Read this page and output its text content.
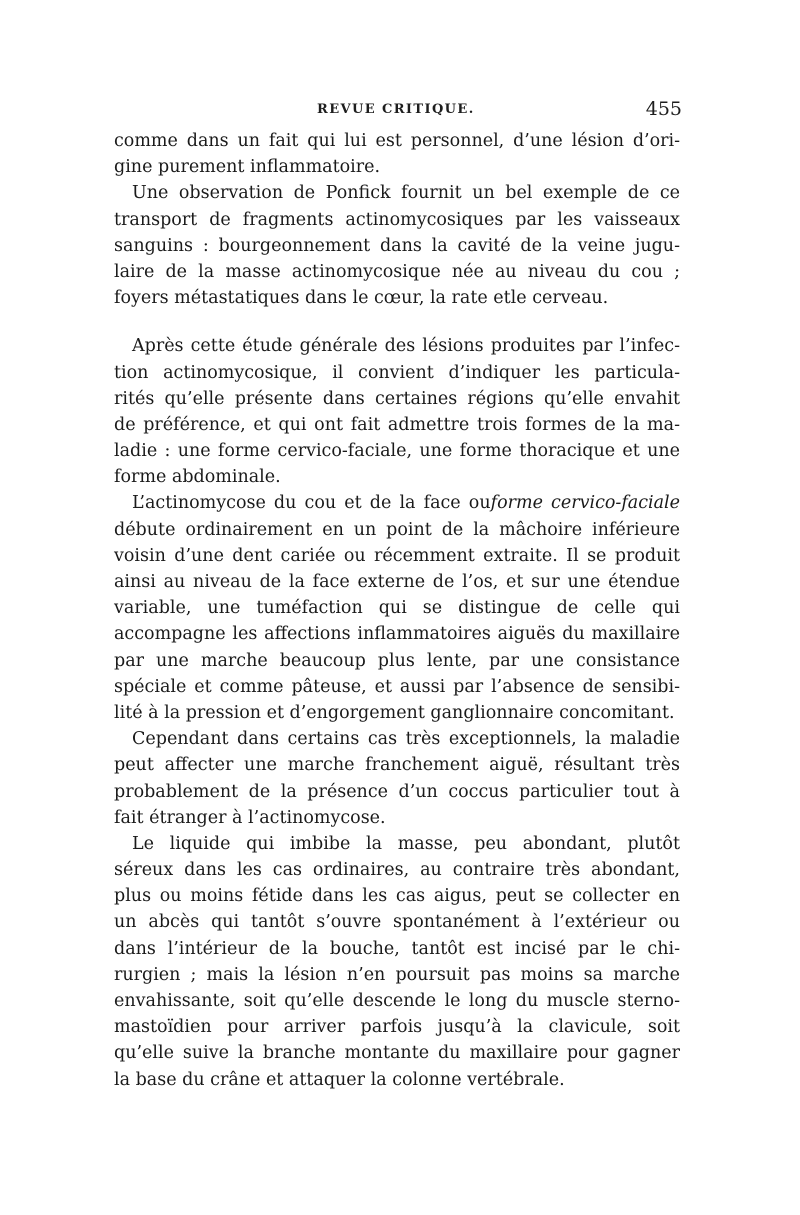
REVUE CRITIQUE.	455
comme dans un fait qui lui est personnel, d’une lésion d’ori-
gine purement inflammatoire.
Une observation de Ponfick fournit un bel exemple de ce
transport de fragments actinomycosiques par les vaisseaux
sanguins : bourgeonnement dans la cavité de la veine jugu-
laire de la masse actinomycosique née au niveau du cou ;
foyers métastatiques dans le cœur, la rate etle cerveau.
Après cette étude générale des lésions produites par l’infec-
tion actinomycosique, il convient d’indiquer les particula-
rités qu’elle présente dans certaines régions qu’elle envahit
de préférence, et qui ont fait admettre trois formes de la ma-
ladie : une forme cervico-faciale, une forme thoracique et une
forme abdominale.
L’actinomycose du cou et de la face ouforme cervico-faciale
débute ordinairement en un point de la mâchoire inférieure
voisin d’une dent cariée ou récemment extraite. Il se produit
ainsi au niveau de la face externe de l’os, et sur une étendue
variable, une tuméfaction qui se distingue de celle qui
accompagne les affections inflammatoires aiguës du maxillaire
par une marche beaucoup plus lente, par une consistance
spéciale et comme pâteuse, et aussi par l’absence de sensibi-
lité à la pression et d’engorgement ganglionnaire concomitant.
Cependant dans certains cas très exceptionnels, la maladie
peut affecter une marche franchement aiguë, résultant très
probablement de la présence d’un coccus particulier tout à
fait étranger à l’actinomycose.
Le liquide qui imbibe la masse, peu abondant, plutôt
séreux dans les cas ordinaires, au contraire très abondant,
plus ou moins fétide dans les cas aigus, peut se collecter en
un abcès qui tantôt s’ouvre spontanément à l’extérieur ou
dans l’intérieur de la bouche, tantôt est incisé par le chi-
rurgien ; mais la lésion n’en poursuit pas moins sa marche
envahissante, soit qu’elle descende le long du muscle sterno-
mastoïdien pour arriver parfois jusqu’à la clavicule, soit
qu’elle suive la branche montante du maxillaire pour gagner
la base du crâne et attaquer la colonne vertébrale.
